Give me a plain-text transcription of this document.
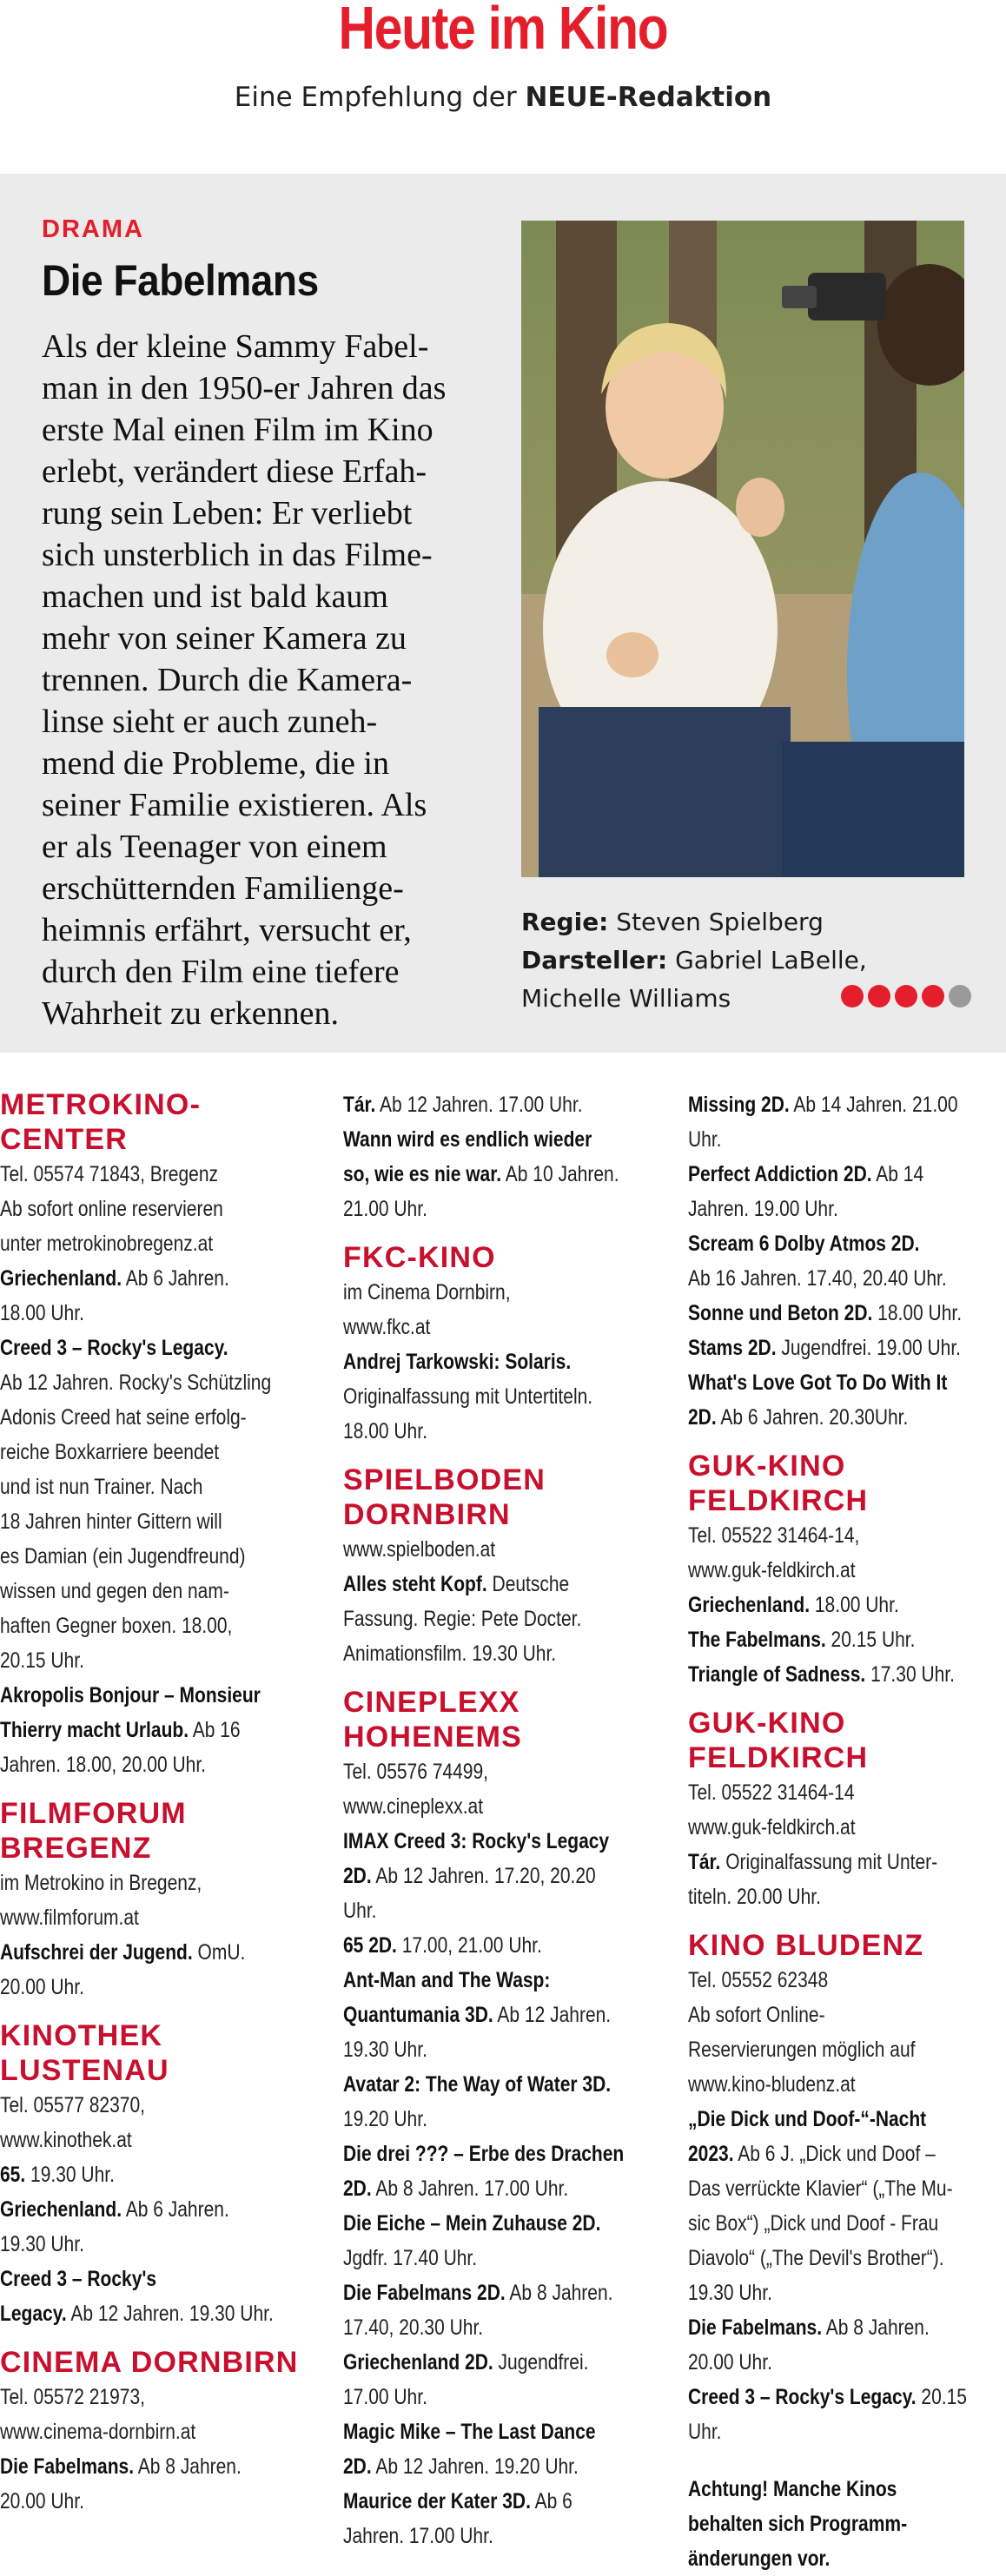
Heute im Kino
Eine Empfehlung der NEUE-Redaktion
DRAMA
Die Fabelmans
Als der kleine Sammy Fabel-
man in den 1950-er Jahren das
erste Mal einen Film im Kino
erlebt, verändert diese Erfah-
rung sein Leben: Er verliebt
sich unsterblich in das Filme-
machen und ist bald kaum
mehr von seiner Kamera zu
trennen. Durch die Kamera-
linse sieht er auch zuneh-
mend die Probleme, die in
seiner Familie existieren. Als
er als Teenager von einem
erschütternden Familienge-
heimnis erfährt, versucht er,
durch den Film eine tiefere
Wahrheit zu erkennen.
Regie: Steven Spielberg
Darsteller: Gabriel LaBelle,
Michelle Williams
METROKINO-
CENTER
Tel. 05574 71843, Bregenz
Ab sofort online reservieren
unter metrokinobregenz.at
Griechenland. Ab 6 Jahren.
18.00 Uhr.
Creed 3 – Rocky's Legacy.
Ab 12 Jahren. Rocky's Schützling
Adonis Creed hat seine erfolg-
reiche Boxkarriere beendet
und ist nun Trainer. Nach
18 Jahren hinter Gittern will
es Damian (ein Jugendfreund)
wissen und gegen den nam-
haften Gegner boxen. 18.00,
20.15 Uhr.
Akropolis Bonjour – Monsieur
Thierry macht Urlaub. Ab 16
Jahren. 18.00, 20.00 Uhr.
FILMFORUM
BREGENZ
im Metrokino in Bregenz,
www.filmforum.at
Aufschrei der Jugend. OmU.
20.00 Uhr.
KINOTHEK
LUSTENAU
Tel. 05577 82370,
www.kinothek.at
65. 19.30 Uhr.
Griechenland. Ab 6 Jahren.
19.30 Uhr.
Creed 3 – Rocky's
Legacy. Ab 12 Jahren. 19.30 Uhr.
CINEMA DORNBIRN
Tel. 05572 21973,
www.cinema-dornbirn.at
Die Fabelmans. Ab 8 Jahren.
20.00 Uhr.
Tár. Ab 12 Jahren. 17.00 Uhr.
Wann wird es endlich wieder
so, wie es nie war. Ab 10 Jahren.
21.00 Uhr.
FKC-KINO
im Cinema Dornbirn,
www.fkc.at
Andrej Tarkowski: Solaris.
Originalfassung mit Untertiteln.
18.00 Uhr.
SPIELBODEN
DORNBIRN
www.spielboden.at
Alles steht Kopf. Deutsche
Fassung. Regie: Pete Docter.
Animationsfilm. 19.30 Uhr.
CINEPLEXX
HOHENEMS
Tel. 05576 74499,
www.cineplexx.at
IMAX Creed 3: Rocky's Legacy
2D. Ab 12 Jahren. 17.20, 20.20
Uhr.
65 2D. 17.00, 21.00 Uhr.
Ant-Man and The Wasp:
Quantumania 3D. Ab 12 Jahren.
19.30 Uhr.
Avatar 2: The Way of Water 3D.
19.20 Uhr.
Die drei ??? – Erbe des Drachen
2D. Ab 8 Jahren. 17.00 Uhr.
Die Eiche – Mein Zuhause 2D.
Jgdfr. 17.40 Uhr.
Die Fabelmans 2D. Ab 8 Jahren.
17.40, 20.30 Uhr.
Griechenland 2D. Jugendfrei.
17.00 Uhr.
Magic Mike – The Last Dance
2D. Ab 12 Jahren. 19.20 Uhr.
Maurice der Kater 3D. Ab 6
Jahren. 17.00 Uhr.
Missing 2D. Ab 14 Jahren. 21.00
Uhr.
Perfect Addiction 2D. Ab 14
Jahren. 19.00 Uhr.
Scream 6 Dolby Atmos 2D.
Ab 16 Jahren. 17.40, 20.40 Uhr.
Sonne und Beton 2D. 18.00 Uhr.
Stams 2D. Jugendfrei. 19.00 Uhr.
What's Love Got To Do With It
2D. Ab 6 Jahren. 20.30Uhr.
GUK-KINO
FELDKIRCH
Tel. 05522 31464-14,
www.guk-feldkirch.at
Griechenland. 18.00 Uhr.
The Fabelmans. 20.15 Uhr.
Triangle of Sadness. 17.30 Uhr.
GUK-KINO
FELDKIRCH
Tel. 05522 31464-14
www.guk-feldkirch.at
Tár. Originalfassung mit Unter-
titeln. 20.00 Uhr.
KINO BLUDENZ
Tel. 05552 62348
Ab sofort Online-
Reservierungen möglich auf
www.kino-bludenz.at
„Die Dick und Doof-“-Nacht
2023. Ab 6 J. „Dick und Doof –
Das verrückte Klavier“ („The Mu-
sic Box“) „Dick und Doof - Frau
Diavolo“ („The Devil's Brother“).
19.30 Uhr.
Die Fabelmans. Ab 8 Jahren.
20.00 Uhr.
Creed 3 – Rocky's Legacy. 20.15
Uhr.
Achtung! Manche Kinos
behalten sich Programm-
änderungen vor.
